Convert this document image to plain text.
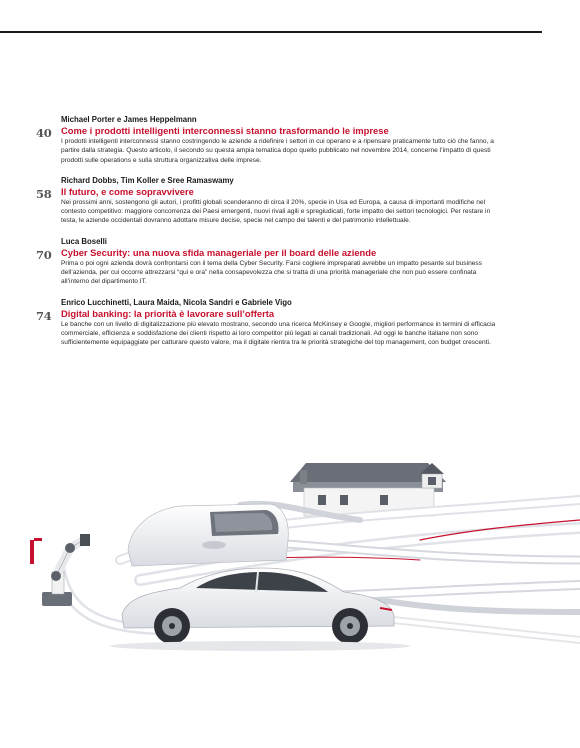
40
Michael Porter e James Heppelmann
Come i prodotti intelligenti interconnessi stanno trasformando le imprese
I prodotti intelligenti interconnessi stanno costringendo le aziende a ridefinire i settori in cui operano e a ripensare praticamente tutto ciò che fanno, a partire dalla strategia. Questo articolo, il secondo su questa ampia tematica dopo quello pubblicato nel novembre 2014, concerne l’impatto di questi prodotti sulle operations e sulla struttura organizzativa delle imprese.
58
Richard Dobbs, Tim Koller e Sree Ramaswamy
Il futuro, e come sopravvivere
Nei prossimi anni, sostengono gli autori, i profitti globali scenderanno di circa il 20%, specie in Usa ed Europa, a causa di importanti modifiche nel contesto competitivo: maggiore concorrenza dei Paesi emergenti, nuovi rivali agili e spregiudicati, forte impatto dei settori tecnologici. Per restare in testa, le aziende occidentali dovranno adottare misure decise, specie nel campo dei talenti e del patrimonio intellettuale.
70
Luca Boselli
Cyber Security: una nuova sfida manageriale per il board delle aziende
Prima o poi ogni azienda dovrà confrontarsi con il tema della Cyber Security. Farsi cogliere impreparati avrebbe un impatto pesante sul business dell’azienda, per cui occorre attrezzarsi “qui e ora” nella consapevolezza che si tratta di una priorità manageriale che non può essere confinata all’interno del dipartimento IT.
74
Enrico Lucchinetti, Laura Maida, Nicola Sandri e Gabriele Vigo
Digital banking: la priorità è lavorare sull’offerta
Le banche con un livello di digitalizzazione più elevato mostrano, secondo una ricerca McKinsey e Google, migliori performance in termini di efficacia commerciale, efficienza e soddisfazione dei clienti rispetto ai loro competitor più legati ai canali tradizionali. Ad oggi le banche italiane non sono sufficientemente equipaggiate per catturare questo valore, ma il digitale rientra tra le priorità strategiche del top management, con budget crescenti.
